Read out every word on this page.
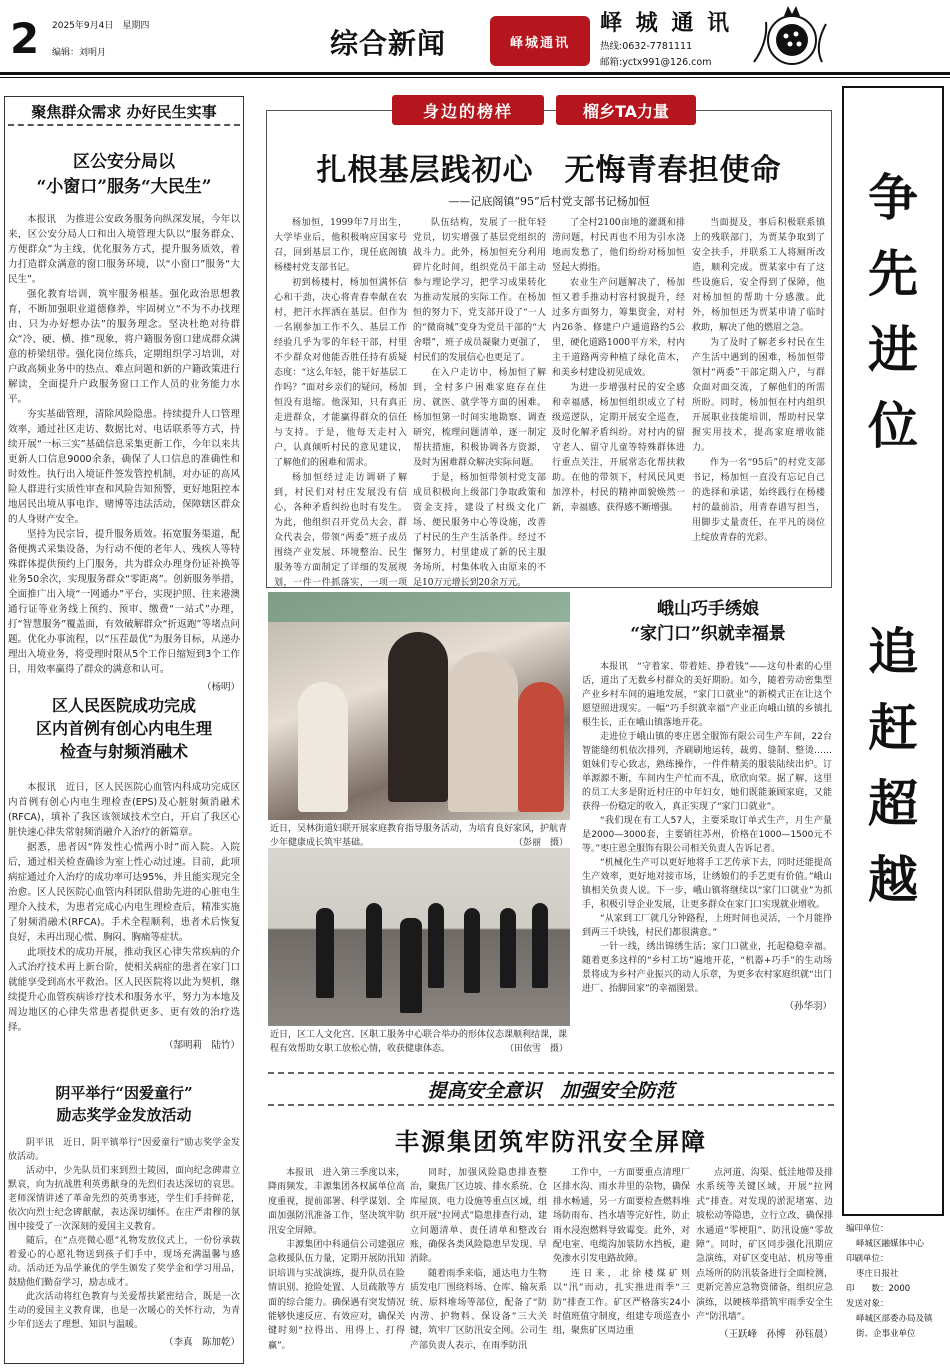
2 2025年9月4日　星期四
编辑：刘明月	综合新闻	峄城通讯
峄 城 通 讯
热线:0632-7781111
邮箱:yctx991@126.com
聚焦群众需求 办好民生实事
区公安分局以
“小窗口”服务“大民生”

本报讯　为推进公安政务服务向纵深发展，今年以来，区公安分局人口和出入境管理大队以“服务群众、方便群众”为主线，优化服务方式，提升服务质效，着力打造群众满意的窗口服务环境，以“小窗口”服务“大民生”。

强化教育培训，筑牢服务根基。强化政治思想教育，不断加强职业道德修养，牢固树立“不为不办找理由、只为办好想办法”的服务理念。坚决杜绝对待群众“冷、硬、横、推”现象，将户籍服务窗口建成群众满意的桥梁纽带。强化岗位练兵，定期组织学习培训，对户政高频业务中的热点、难点问题和新的户籍政策进行解读，全面提升户政服务窗口工作人员的业务能力水平。

夯实基础管理，清除风险隐患。持续提升人口管理效率，通过社区走访、数据比对、电话联系等方式，持续开展“一标三实”基础信息采集更新工作，今年以来共更新人口信息9000余条，确保了人口信息的准确性和时效性。执行出入境证件签发管控机制，对办证的高风险人群进行实质性审查和风险告知预警，更好地阻控本地居民出境从事电诈、赌博等违法活动，保障辖区群众的人身财产安全。

坚持为民宗旨，提升服务质效。拓宽服务渠道，配备便携式采集设备，为行动不便的老年人、残疾人等特殊群体提供预约上门服务，共为群众办理身份证补换等业务50余次，实现服务群众“零距离”。创新服务举措，全面推广出入境“一网通办”平台，实现护照、往来港澳通行证等业务线上预约、预审、缴费“一站式”办理，打“智慧服务”覆盖面，有效破解群众“折返跑”等堵点问题。优化办事流程，以“压茬最优”为服务目标，从递办理出入境业务，将受理时限从5个工作日缩短到3个工作日，用效率赢得了群众的满意和认可。

（杨明）
区人民医院成功完成
区内首例有创心内电生理
检查与射频消融术

本报讯　近日，区人民医院心血管内科成功完成区内首例有创心内电生理检查(EPS)及心脏射频消融术(RFCA)，填补了我区该领域技术空白，开启了我区心脏快速心律失常射频消融介入治疗的新篇章。

据悉，患者因“阵发性心慌两小时”而入院。入院后，通过相关检查确诊为室上性心动过速。目前，此项病症通过介入治疗的成功率可达95%，并且能实现完全治愈。区人民医院心血管内科团队借助先进的心脏电生理介入技术，为患者完成心内电生理检查后，精准实施了射频消融术(RFCA)。手术全程顺利，患者术后恢复良好，未再出现心慌、胸闷、胸痛等症状。

此项技术的成功开展，推动我区心律失常疾病的介入式治疗技术再上新台阶，使相关病症的患者在家门口就能享受到高水平救治。区人民医院将以此为契机，继续提升心血管疾病诊疗技术和服务水平，努力为本地及周边地区的心律失常患者提供更多、更有效的治疗选择。

（郜明莉　陆竹）
阴平举行“因爱童行”
励志奖学金发放活动

阴平讯　近日，阴平镇举行“因爱童行”励志奖学金发放活动。

活动中，少先队员们来到烈士陵园，面向纪念碑肃立默哀，向为抗战胜利英勇献身的先烈们表达深切的哀思。老师深情讲述了革命先烈的英勇事迹，学生们手持鲜花，依次向烈士纪念碑献献，表达深切缅怀。在庄严肃穆的氛围中接受了一次深刻的爱国主义教育。

随后，在“点亮微心愿”礼物发放仪式上，一份份承载着爱心的心愿礼物送到孩子们手中，现场充满温馨与感动。活动还为品学兼优的学生颁发了奖学金和学习用品，鼓励他们勤奋学习，励志成才。

此次活动将红色教育与关爱帮扶紧密结合，既是一次生动的爱国主义教育课，也是一次暖心的关怀行动，为青少年们送去了理想、知识与温暖。

（李真　陈加乾）
身边的榜样	榴乡TA力量
扎根基层践初心　无悔青春担使命
——记底阁镇“95”后村党支部书记杨加恒

杨加恒，1999年7月出生，大学毕业后，他积极响应国家号召，回到基层工作，现任底阁镇杨楼村党支部书记。

初到杨楼村，杨加恒满怀信心和干劲，决心将青春奉献在农村，把汗水挥洒在基层。但作为一名刚参加工作不久、基层工作经验几乎为零的年轻干部，村里不少群众对他能否胜任持有质疑态度：“这么年轻，能干好基层工作吗？”面对乡亲们的疑问，杨加恒没有退缩。他深知，只有真正走进群众，才能赢得群众的信任与支持。于是，他每天走村入户，认真倾听村民的意见建议，了解他们的困难和需求。

杨加恒经过走访调研了解到，村民们对村庄发展没有信心，各种矛盾纠纷也时有发生。为此，他组织召开党员大会、群众代表会，带领“两委”班子成员围绕产业发展、环境整治、民生服务等方面制定了详细的发展规划，一件一件抓落实，一项一项

队伍结构，发展了一批年轻党员，切实增强了基层党组织的战斗力。此外，杨加恒充分利用碎片化时间，组织党员干部主动参与理论学习，把学习成果转化为推动发展的实际工作。在杨加恒的努力下，党支部开设了“一人的“微商城”变身为党员干部的“大舍喂”，班子成员凝聚力更强了，村民们的发展信心也更足了。

在入户走访中，杨加恒了解到，全村多户困难家庭存在住房、就医、就学等方面的困难。杨加恒第一时间实地勘察、调查研究，梳理问题清单，逐一制定帮扶措施，积极协调各方资源，及时为困难群众解决实际问题。

于是，杨加恒带领村党支部成员积极向上级部门争取政策和资金支持，建设了村级文化广场、便民服务中心等设施，改善了村民的生产生活条件。经过不懈努力，村里建成了新的民主服务场所，村集体收入由原来的不足10万元增长到20余万元。

了全村2100亩地的灌溉和排涝问题，村民再也不用为引水浇地而发愁了，他们纷纷对杨加恒竖起大拇指。

农业生产问题解决了，杨加恒又着手推动村容村貌提升，经过多方面努力，筹集资金，对村内26条、修建户户通道路约5公里，硬化道路1000平方米，村内主干道路两旁种植了绿化苗木，和美乡村建设初见成效。

为进一步增强村民的安全感和幸福感，杨加恒组织成立了村级巡逻队，定期开展安全巡查，及时化解矛盾纠纷。对村内的留守老人、留守儿童等特殊群体进行重点关注，开展常态化帮扶救助。在他的带领下，村风民风更加淳朴，村民的精神面貌焕然一新，幸福感、获得感不断增强。

当面提及，事后积极联系镇上的残联部门，为贾某争取到了安全扶手，并联系工人将厕所改造，顺利完成。贾某家中有了这些设施后，安全得到了保障，他对杨加恒的帮助十分感激。此外，杨加恒还为贾某申请了临时救助，解决了他的燃眉之急。

为了及时了解老乡村民在生产生活中遇到的困难，杨加恒带领村“两委”干部定期入户，与群众面对面交流，了解他们的所需所盼。同时，杨加恒在村内组织开展职业技能培训，帮助村民掌握实用技术，提高家庭增收能力。

作为一名“95后”的村党支部书记，杨加恒一直没有忘记自己的选择和承诺，始终践行在杨楼村的最前沿，用青春谱写担当，用脚步丈量责任，在平凡的岗位上绽放青春的光彩。

近日，吴林街道妇联开展家庭教育指导服务活动，为培育良好家风，护航青少年健康成长筑牢基础。	（彭丽　摄）
近日，区工人文化宫、区职工服务中心联合举办的形体仪态课顺利结课，课程有效帮助女职工放松心情，收获健康体态。	（田依雪　摄）
峨山巧手绣娘
“家门口”织就幸福景

本报讯　“守着家、带着娃、挣着钱”——这句朴素的心里话，道出了无数乡村群众的美好期盼。如今，随着劳动密集型产业乡村车间的遍地发展，“家门口就业”的新模式正在让这个愿望照进现实。一幅“巧手织就幸福”产业正向峨山镇的乡镇扎根生长，正在峨山镇落地开花。

走进位于峨山镇的枣庄恩全服饰有限公司生产车间，22台智能缝纫机依次排列，齐刷刷地运转，裁剪、缝制、整烫……姐妹们专心致志，熟练操作，一件件精美的服装陆续出炉。订单源源不断，车间内生产忙而不乱，欣欣向荣。据了解，这里的员工大多是附近村庄的中年妇女，她们既能兼顾家庭，又能获得一份稳定的收入，真正实现了“家门口就业”。

“我们现在有工人57人，主要采取订单式生产，月生产量是2000—3000套，主要销往苏州，价格在1000—1500元不等。”枣庄恩全服饰有限公司相关负责人告诉记者。

“机械化生产可以更好地将手工艺传承下去，同时还能提高生产效率，更好地对接市场，让绣娘们的手艺更有价值。”峨山镇相关负责人说。下一步，峨山镇将继续以“家门口就业”为抓手，积极引导企业发展，让更多群众在家门口实现就业增收。

“从家到工厂就几分钟路程，上班时间也灵活，一个月能挣到两三千块钱，村民们都很满意。”

一针一线，绣出锦绣生活；家门口就业，托起稳稳幸福。随着更多这样的“乡村工坊”遍地开花，“机器+巧手”的生动场景将成为乡村产业振兴的动人乐章，为更多农村家庭织就“出门进厂、抬脚回家”的幸福图景。

（孙华羽）
争
先
进
位
追
赶
超
越
提高安全意识　加强安全防范
丰源集团筑牢防汛安全屏障

本报讯　进入第三季度以来，降雨频发，丰源集团各权属单位高度重视，提前部署、科学谋划、全面加强防汛准备工作，坚决筑牢防汛安全屏障。

丰源集团中科通信公司建强应急救援队伍力量，定期开展防汛知识培训与实战演练，提升队员在险情识别、抢险处置、人员疏散等方面的综合能力。确保遇有突发情况能够快速反应、有效应对，确保关键时刻“拉得出、用得上、打得赢”。

同时，加强风险隐患排查整治，聚焦厂区边坡、排水系统、仓库屋顶、电力设施等重点区域，组织开展“拉网式”隐患排查行动，建立问题清单、责任清单和整改台账，确保各类风险隐患早发现、早消除。

随着雨季来临，通达电力生物质发电厂围绕料场、仓库、输灰系统、原料堆场等部位，配备了“防内涝、护物料、保设备”三大关键，筑牢厂区防汛安全网。公司生产部负责人表示，在雨季防汛

工作中，一方面要重点清理厂区排水沟、雨水井里的杂物，确保排水畅通，另一方面要检查燃料堆场防雨布、挡水墙等完好性，防止雨水浸泡燃料导致霉变。此外，对配电室、电缆沟加装防水挡板，避免渗水引发电路故障。

连日来，北徐楼煤矿则以“汛”而动，扎实推进雨季“三防”排查工作。矿区严格落实24小时值班值守制度，组建专项巡查小组，聚焦矿区周边重

点河道、沟渠、低洼地带及排水系统等关键区域，开展“拉网式”排查。对发现的淤泥堵塞、边坡松动等隐患，立行立改，确保排水通道“零梗阻”、防汛设施“零故障”。同时，矿区同步强化汛期应急演练，对矿区变电站、机房等重点场所的防汛装备进行全面检测，更新完善应急物资储备，组织应急演练，以硬核举措筑牢雨季安全生产“防汛墙”。

（王跃峰　孙博　孙钰晨）
编印单位：
峄城区融媒体中心
印刷单位：
枣庄日报社
印　　数：2000
发送对象：
峄城区部委办局及镇街、企事业单位
